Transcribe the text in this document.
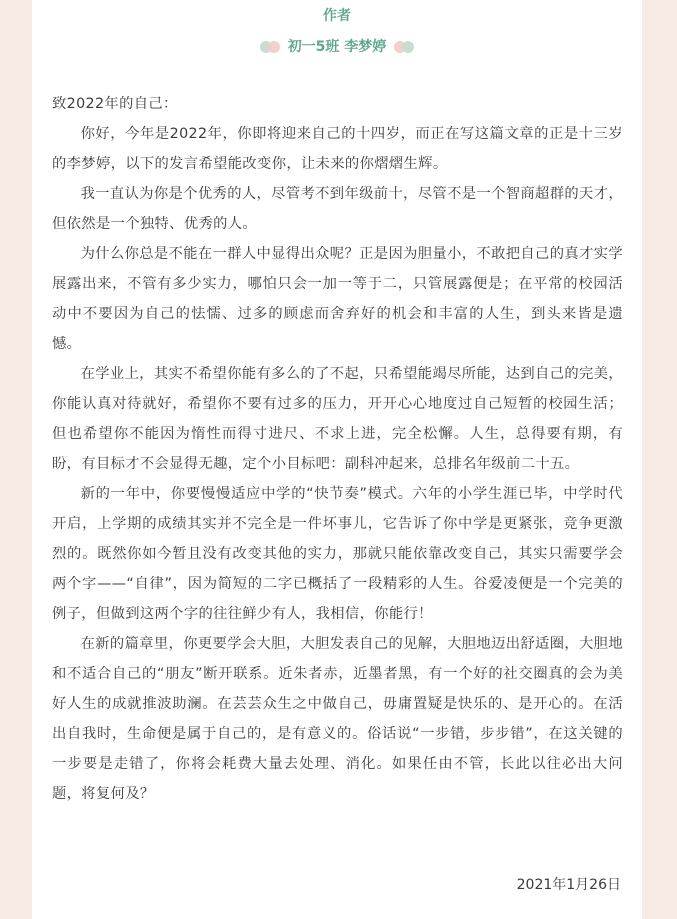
作者
初一5班 李梦婷

致2022年的自己：

你好，今年是2022年，你即将迎来自己的十四岁，而正在写这篇文章的正是十三岁的李梦婷，以下的发言希望能改变你，让未来的你熠熠生辉。

我一直认为你是个优秀的人，尽管考不到年级前十，尽管不是一个智商超群的天才，但依然是一个独特、优秀的人。

为什么你总是不能在一群人中显得出众呢？正是因为胆量小，不敢把自己的真才实学展露出来，不管有多少实力，哪怕只会一加一等于二，只管展露便是；在平常的校园活动中不要因为自己的怯懦、过多的顾虑而舍弃好的机会和丰富的人生，到头来皆是遗憾。

在学业上，其实不希望你能有多么的了不起，只希望能竭尽所能，达到自己的完美，你能认真对待就好，希望你不要有过多的压力，开开心心地度过自己短暂的校园生活；但也希望你不能因为惰性而得寸进尺、不求上进，完全松懈。人生，总得要有期，有盼，有目标才不会显得无趣，定个小目标吧：副科冲起来，总排名年级前二十五。

新的一年中，你要慢慢适应中学的“快节奏”模式。六年的小学生涯已毕，中学时代开启，上学期的成绩其实并不完全是一件坏事儿，它告诉了你中学是更紧张，竞争更激烈的。既然你如今暂且没有改变其他的实力，那就只能依靠改变自己，其实只需要学会两个字——“自律”，因为简短的二字已概括了一段精彩的人生。谷爱凌便是一个完美的例子，但做到这两个字的往往鲜少有人，我相信，你能行！

在新的篇章里，你更要学会大胆，大胆发表自己的见解，大胆地迈出舒适圈，大胆地和不适合自己的“朋友”断开联系。近朱者赤，近墨者黑，有一个好的社交圈真的会为美好人生的成就推波助澜。在芸芸众生之中做自己，毋庸置疑是快乐的、是开心的。在活出自我时，生命便是属于自己的，是有意义的。俗话说“一步错，步步错”，在这关键的一步要是走错了，你将会耗费大量去处理、消化。如果任由不管，长此以往必出大问题，将复何及？

2021年1月26日
